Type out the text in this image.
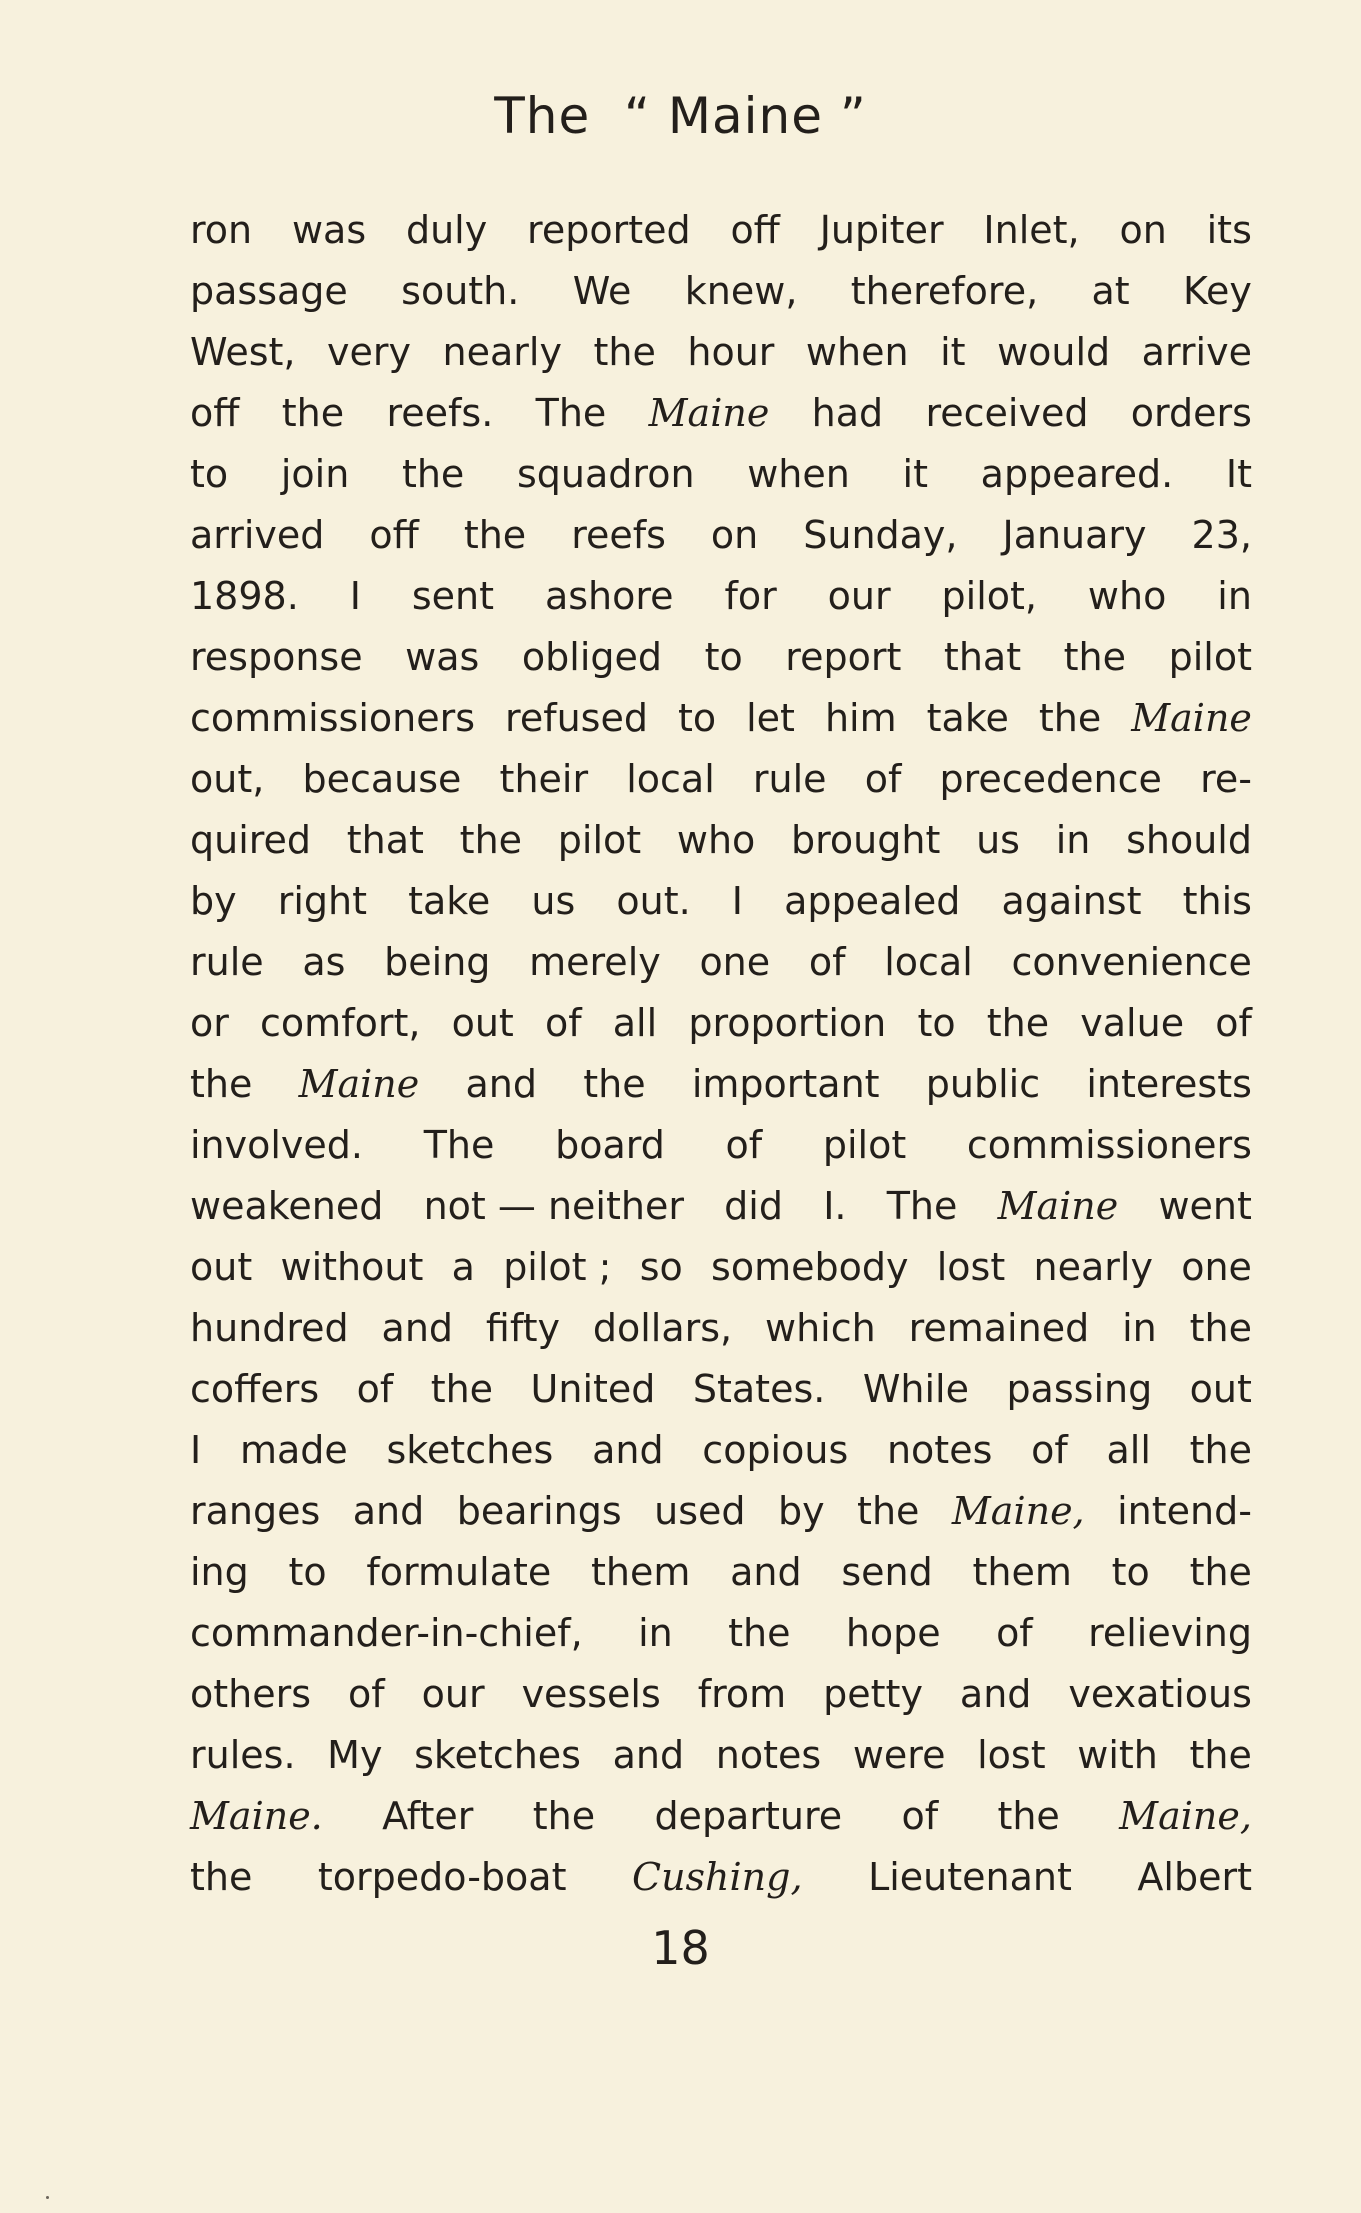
The  “ Maine ”
ron was duly reported off Jupiter Inlet, on its
passage south. We knew, therefore, at Key
West, very nearly the hour when it would arrive
off the reefs. The Maine had received orders
to join the squadron when it appeared. It
arrived off the reefs on Sunday, January 23,
1898. I sent ashore for our pilot, who in
response was obliged to report that the pilot
commissioners refused to let him take the Maine
out, because their local rule of precedence re-
quired that the pilot who brought us in should
by right take us out. I appealed against this
rule as being merely one of local convenience
or comfort, out of all proportion to the value of
the Maine and the important public interests
involved. The board of pilot commissioners
weakened not — neither did I. The Maine went
out without a pilot ; so somebody lost nearly one
hundred and fifty dollars, which remained in the
coffers of the United States. While passing out
I made sketches and copious notes of all the
ranges and bearings used by the Maine, intend-
ing to formulate them and send them to the
commander-in-chief, in the hope of relieving
others of our vessels from petty and vexatious
rules. My sketches and notes were lost with the
Maine. After the departure of the Maine,
the torpedo-boat Cushing, Lieutenant Albert
18
